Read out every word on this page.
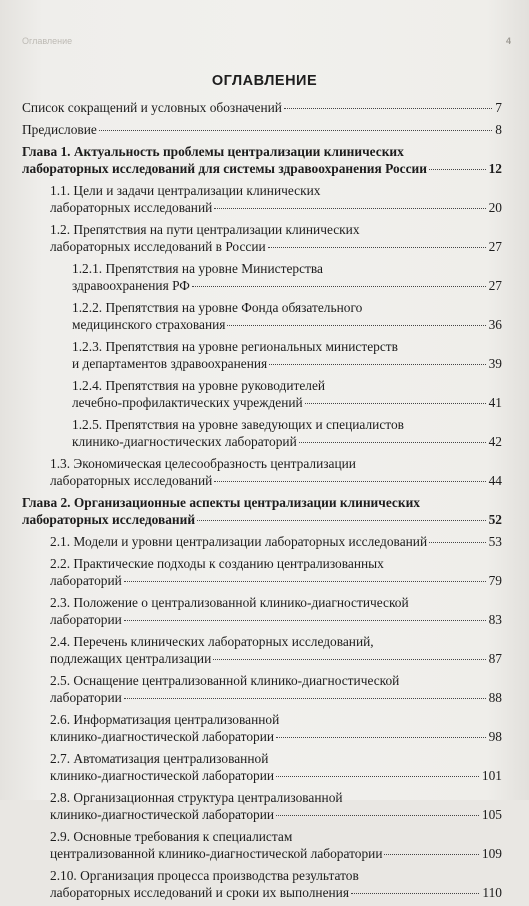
Оглавление	4
ОГЛАВЛЕНИЕ
Список сокращений и условных обозначений	7
Предисловие	8
Глава 1. Актуальность проблемы централизации клинических
лабораторных исследований для системы здравоохранения России	12
1.1. Цели и задачи централизации клинических
лабораторных исследований	20
1.2. Препятствия на пути централизации клинических
лабораторных исследований в России	27
1.2.1. Препятствия на уровне Министерства
здравоохранения РФ	27
1.2.2. Препятствия на уровне Фонда обязательного
медицинского страхования	36
1.2.3. Препятствия на уровне региональных министерств
и департаментов здравоохранения	39
1.2.4. Препятствия на уровне руководителей
лечебно-профилактических учреждений	41
1.2.5. Препятствия на уровне заведующих и специалистов
клинико-диагностических лабораторий	42
1.3. Экономическая целесообразность централизации
лабораторных исследований	44
Глава 2. Организационные аспекты централизации клинических
лабораторных исследований	52
2.1. Модели и уровни централизации лабораторных исследований	53
2.2. Практические подходы к созданию централизованных
лабораторий	79
2.3. Положение о централизованной клинико-диагностической
лаборатории	83
2.4. Перечень клинических лабораторных исследований,
подлежащих централизации	87
2.5. Оснащение централизованной клинико-диагностической
лаборатории	88
2.6. Информатизация централизованной
клинико-диагностической лаборатории	98
2.7. Автоматизация централизованной
клинико-диагностической лаборатории	101
2.8. Организационная структура централизованной
клинико-диагностической лаборатории	105
2.9. Основные требования к специалистам
централизованной клинико-диагностической лаборатории	109
2.10. Организация процесса производства результатов
лабораторных исследований и сроки их выполнения	110
